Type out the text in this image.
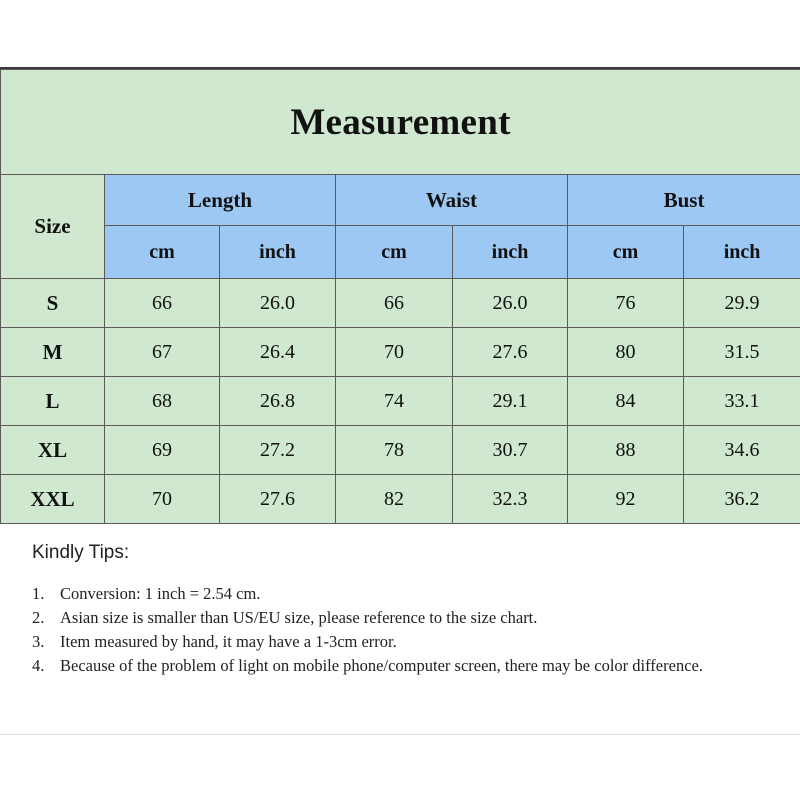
Measurement						
Size	Length		Waist		Bust	
	cm	inch	cm	inch	cm	inch
S	66	26.0	66	26.0	76	29.9
M	67	26.4	70	27.6	80	31.5
L	68	26.8	74	29.1	84	33.1
XL	69	27.2	78	30.7	88	34.6
XXL	70	27.6	82	32.3	92	36.2
Kindly Tips:
1. Conversion: 1 inch = 2.54 cm.
2. Asian size is smaller than US/EU size, please reference to the size chart.
3. Item measured by hand, it may have a 1-3cm error.
4. Because of the problem of light on mobile phone/computer screen, there may be color difference.
